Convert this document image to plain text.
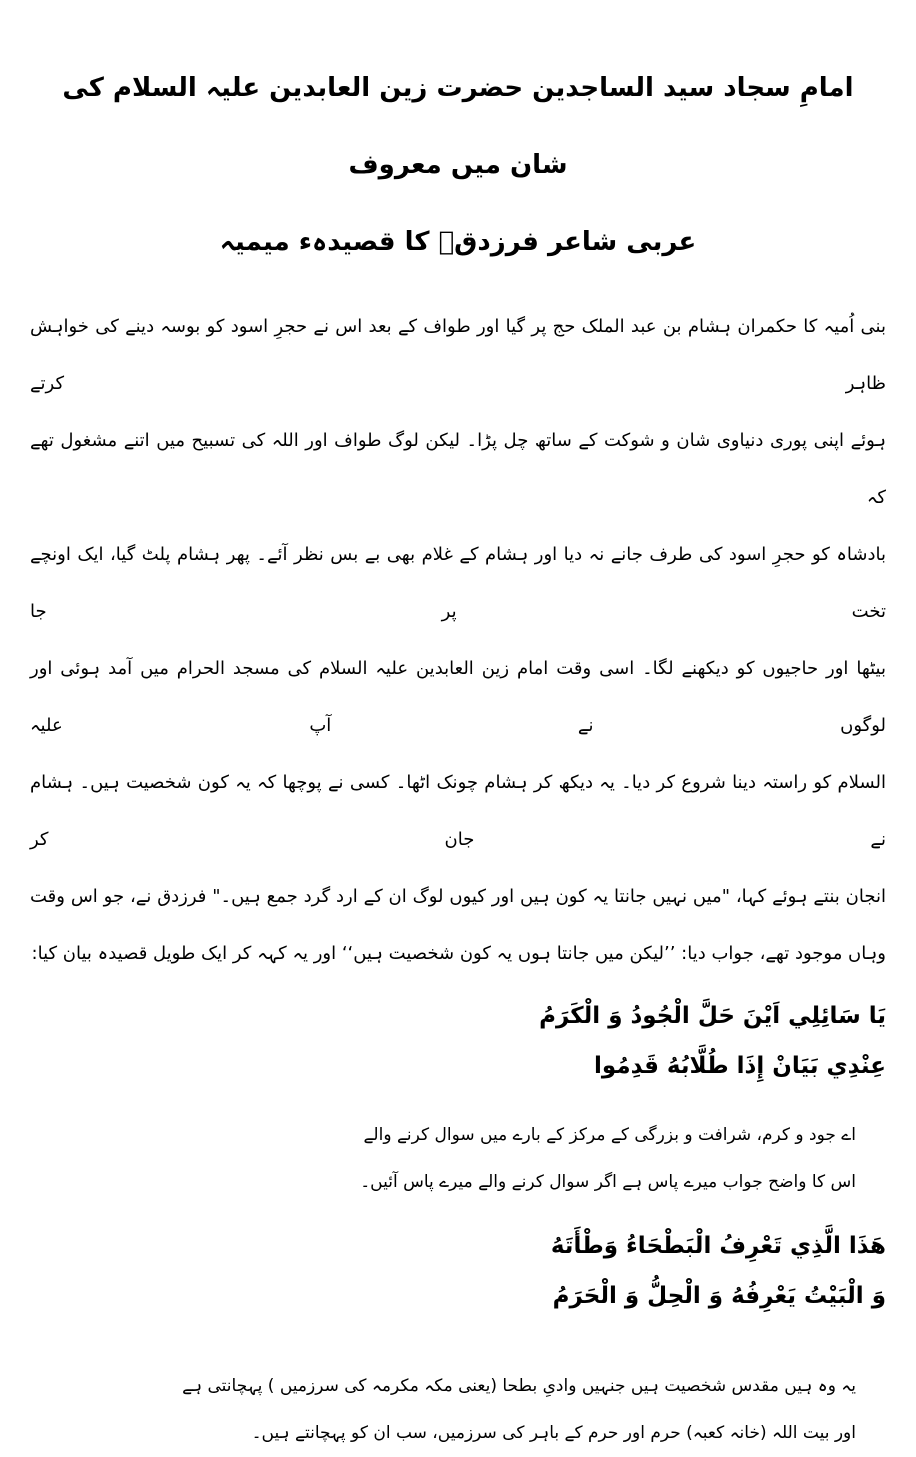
امامِ سجاد سید الساجدین حضرت زین العابدین علیہ السلام کی شان میں معروف
عربی شاعر فرزدقؒ کا قصیدہء میمیہ
بنی اُمیہ کا حکمران ہشام بن عبد الملک حج پر گیا اور طواف کے بعد اس نے حجرِ اسود کو بوسہ دینے کی خواہش ظاہر کرتے
ہوئے اپنی پوری دنیاوی شان و شوکت کے ساتھ چل پڑا۔ لیکن لوگ طواف اور اللہ کی تسبیح میں اتنے مشغول تھے کہ
بادشاہ کو حجرِ اسود کی طرف جانے نہ دیا اور ہشام کے غلام بھی بے بس نظر آئے۔ پھر ہشام پلٹ گیا، ایک اونچے تخت پر جا
بیٹھا اور حاجیوں کو دیکھنے لگا۔ اسی وقت امام زین العابدین علیہ السلام کی مسجد الحرام میں آمد ہوئی اور لوگوں نے آپ علیہ
السلام کو راستہ دینا شروع کر دیا۔ یہ دیکھ کر ہشام چونک اٹھا۔ کسی نے پوچھا کہ یہ کون شخصیت ہیں۔ ہشام نے جان کر
انجان بنتے ہوئے کہا، "میں نہیں جانتا یہ کون ہیں اور کیوں لوگ ان کے ارد گرد جمع ہیں۔" فرزدق نے، جو اس وقت
وہاں موجود تھے، جواب دیا: ’’لیکن میں جانتا ہوں یہ کون شخصیت ہیں‘‘ اور یہ کہہ کر ایک طویل قصیدہ بیان کیا:
يَا سَائِلِي اَيْنَ حَلَّ الْجُودُ وَ الْكَرَمُ
عِنْدِي بَيَانْ إِذَا طُلَّابُهُ قَدِمُوا
اے جود و کرم، شرافت و بزرگی کے مرکز کے بارے میں سوال کرنے والے
اس کا واضح جواب میرے پاس ہے اگر سوال کرنے والے میرے پاس آئیں۔
هَذَا الَّذِي تَعْرِفُ الْبَطْحَاءُ وَطْأَتَهُ
وَ الْبَيْتُ يَعْرِفُهُ وَ الْحِلُّ وَ الْحَرَمُ
یہ وہ ہیں مقدس شخصیت ہیں جنہیں وادیِ بطحا (یعنی مکہ مکرمہ کی سرزمیں ) پہچانتی ہے
اور بیت اللہ (خانہ کعبہ) حرم اور حرم کے باہر کی سرزمیں، سب ان کو پہچانتے ہیں۔
